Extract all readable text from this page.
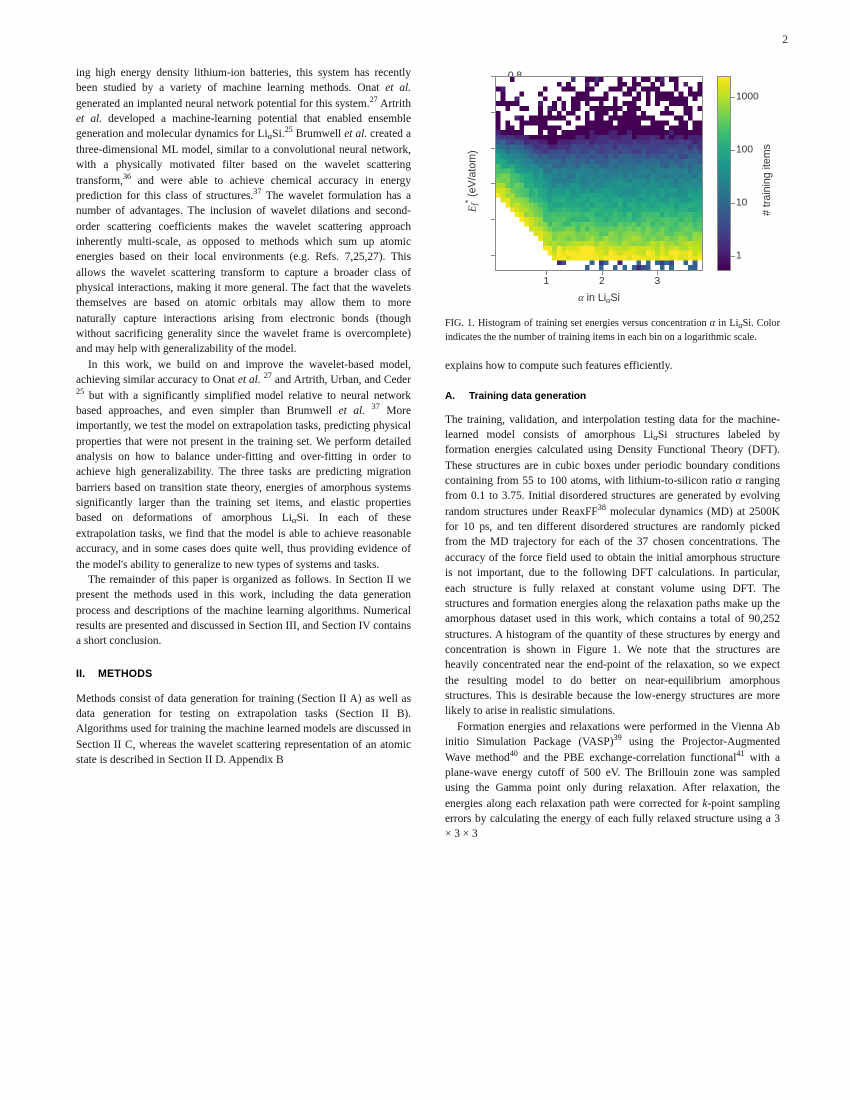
2

ing high energy density lithium-ion batteries, this system has recently been studied by a variety of machine learning methods. Onat et al. generated an implanted neural network potential for this system.$^{27}$ Artrith et al. developed a machine-learning potential that enabled ensemble generation and molecular dynamics for $Li_\alpha Si.^{25}$ Brumwell et al. created a three-dimensional ML model, similar to a convolutional neural network, with a physically motivated filter based on the wavelet scattering transform,$^{36}$ and were able to achieve chemical accuracy in energy prediction for this class of structures.$^{37}$ The wavelet formulation has a number of advantages. The inclusion of wavelet dilations and second-order scattering coefficients makes the wavelet scattering approach inherently multi-scale, as opposed to methods which sum up atomic energies based on their local environments (e.g. Refs. 7,25,27). This allows the wavelet scattering transform to capture a broader class of physical interactions, making it more general. The fact that the wavelets themselves are based on atomic orbitals may allow them to more naturally capture interactions arising from electronic bonds (though without sacrificing generality since the wavelet frame is overcomplete) and may help with generalizability of the model.

In this work, we build on and improve the wavelet-based model, achieving similar accuracy to Onat et al. $^{27}$ and Artrith, Urban, and Ceder $^{25}$ but with a significantly simplified model relative to neural network based approaches, and even simpler than Brumwell et al. $^{37}$ More importantly, we test the model on extrapolation tasks, predicting physical properties that were not present in the training set. We perform detailed analysis on how to balance under-fitting and over-fitting in order to achieve high generalizability. The three tasks are predicting migration barriers based on transition state theory, energies of amorphous systems significantly larger than the training set items, and elastic properties based on deformations of amorphous $Li_\alpha Si$. In each of these extrapolation tasks, we find that the model is able to achieve reasonable accuracy, and in some cases does quite well, thus providing evidence of the model's ability to generalize to new types of systems and tasks.

The remainder of this paper is organized as follows. In Section II we present the methods used in this work, including the data generation process and descriptions of the machine learning algorithms. Numerical results are presented and discussed in Section III, and Section IV contains a short conclusion.

II. METHODS

Methods consist of data generation for training (Section II A) as well as data generation for testing on extrapolation tasks (Section II B). Algorithms used for training the machine learned models are discussed in Section II C, whereas the wavelet scattering representation of an atomic state is described in Section II D. Appendix B

1	2	3
$E_f^*$ (eV/atom)
α in $Li_\alpha Si$
1
10
100
1000
# training items
FIG. 1. Histogram of training set energies versus concentration α in $Li_\alpha Si$. Color indicates the the number of training items in each bin on a logarithmic scale.

explains how to compute such features efficiently.

A. Training data generation

The training, validation, and interpolation testing data for the machine-learned model consists of amorphous $Li_\alpha Si$ structures labeled by formation energies calculated using Density Functional Theory (DFT). These structures are in cubic boxes under periodic boundary conditions containing from 55 to 100 atoms, with lithium-to-silicon ratio α ranging from 0.1 to 3.75. Initial disordered structures are generated by evolving random structures under ReaxFF$^{38}$ molecular dynamics (MD) at 2500K for 10 ps, and ten different disordered structures are randomly picked from the MD trajectory for each of the 37 chosen concentrations. The accuracy of the force field used to obtain the initial amorphous structure is not important, due to the following DFT calculations. In particular, each structure is fully relaxed at constant volume using DFT. The structures and formation energies along the relaxation paths make up the amorphous dataset used in this work, which contains a total of 90,252 structures. A histogram of the quantity of these structures by energy and concentration is shown in Figure 1. We note that the structures are heavily concentrated near the end-point of the relaxation, so we expect the resulting model to do better on near-equilibrium amorphous structures. This is desirable because the low-energy structures are more likely to arise in realistic simulations.

Formation energies and relaxations were performed in the Vienna Ab initio Simulation Package (VASP)$^{39}$ using the Projector-Augmented Wave method$^{40}$ and the PBE exchange-correlation functional$^{41}$ with a plane-wave energy cutoff of 500 eV. The Brillouin zone was sampled using the Gamma point only during relaxation. After relaxation, the energies along each relaxation path were corrected for k-point sampling errors by calculating the energy of each fully relaxed structure using a 3 × 3 × 3
